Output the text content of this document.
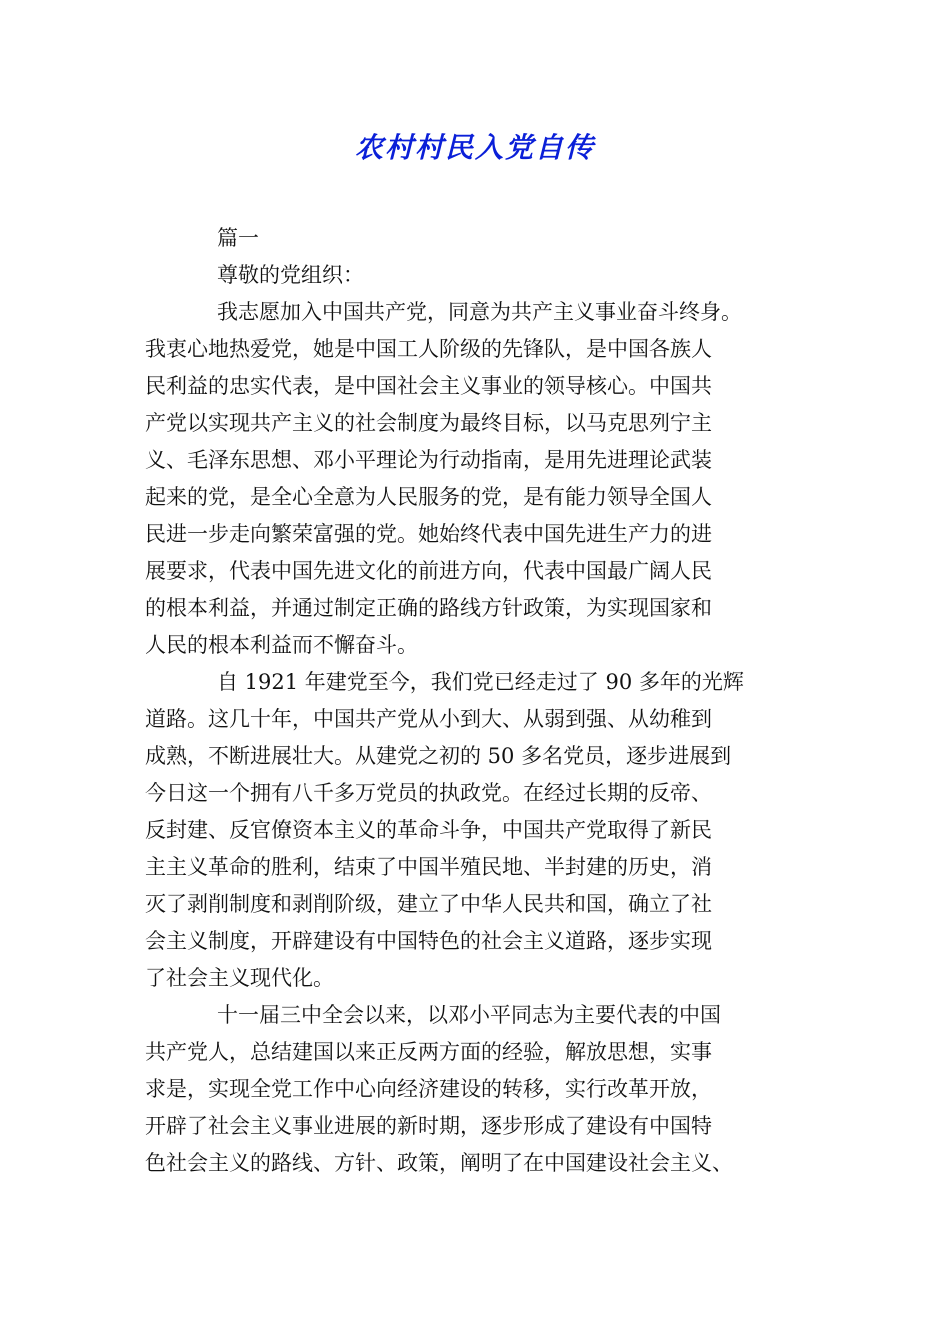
农村村民入党自传
篇一
尊敬的党组织：
我志愿加入中国共产党，同意为共产主义事业奋斗终身。
我衷心地热爱党，她是中国工人阶级的先锋队，是中国各族人
民利益的忠实代表，是中国社会主义事业的领导核心。中国共
产党以实现共产主义的社会制度为最终目标，以马克思列宁主
义、毛泽东思想、邓小平理论为行动指南，是用先进理论武装
起来的党，是全心全意为人民服务的党，是有能力领导全国人
民进一步走向繁荣富强的党。她始终代表中国先进生产力的进
展要求，代表中国先进文化的前进方向，代表中国最广阔人民
的根本利益，并通过制定正确的路线方针政策，为实现国家和
人民的根本利益而不懈奋斗。
自 1921 年建党至今，我们党已经走过了 90 多年的光辉
道路。这几十年，中国共产党从小到大、从弱到强、从幼稚到
成熟，不断进展壮大。从建党之初的 50 多名党员，逐步进展到
今日这一个拥有八千多万党员的执政党。在经过长期的反帝、
反封建、反官僚资本主义的革命斗争，中国共产党取得了新民
主主义革命的胜利，结束了中国半殖民地、半封建的历史，消
灭了剥削制度和剥削阶级，建立了中华人民共和国，确立了社
会主义制度，开辟建设有中国特色的社会主义道路，逐步实现
了社会主义现代化。
十一届三中全会以来，以邓小平同志为主要代表的中国
共产党人，总结建国以来正反两方面的经验，解放思想，实事
求是，实现全党工作中心向经济建设的转移，实行改革开放，
开辟了社会主义事业进展的新时期，逐步形成了建设有中国特
色社会主义的路线、方针、政策，阐明了在中国建设社会主义、
